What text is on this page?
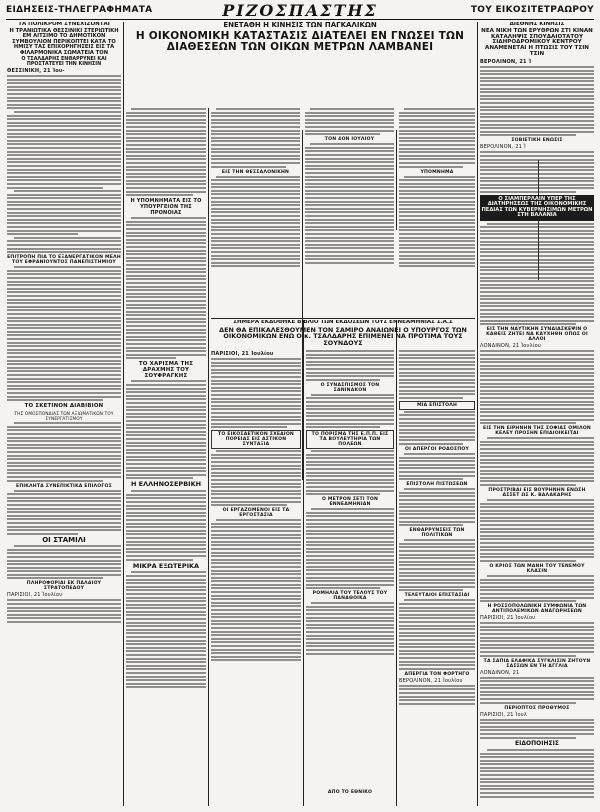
ΕΙΔΗΣΕΙΣ-ΤΗΛΕΓΡΑΦΗΜΑΤΑ	ΡΙΖΟΣΠΑΣΤΗΣ	ΤΟΥ ΕΙΚΟΣΙΤΕΤΡΑΩΡΟΥ
ΤΑ ΠΟΛΙΚΡΟΜ ΣΥΝΕΧΙΖΟΝΤΑΙ
Η ΤΡΑΝΙΩΤΙΚΑ ΘΕΣΣΙΝΙΚΙ ΣΤΕΡΙΩΤΙΚΗ ΕΜ ΑΙΤΣΙΜΟ ΤΟ ΔΗΜΟΤΙΚΟΝ ΣΥΜΒΟΥΛΙΟΝ ΠΕΡΙΚΟΠΤΕΙ ΚΑΤΑ ΤΟ ΗΜΙΣΥ ΤΑΣ ΕΠΙΧΟΡΗΓΗΣΕΙΣ ΕΙΣ ΤΑ ΦΙΛΑΡΜΟΝΙΚΑ ΣΩΜΑΤΕΙΑ ΤΟΝ
Ο ΤΣΑΛΔΑΡΗΣ ΕΝΘΑΡΡΥΝΕΙ ΚΑΙ ΠΡΟΣΤΑΤΕΥΕΙ ΤΗΝ ΚΙΝΗΣΙΝ
ΘΕΣΣΙΝΙΚΗ, 21 Ἰου-
ΕΠΙΤΡΟΠΗ ΠΙΑ ΤΟ ΕΞΑΝΕΡΓΑΤΙΚΟΝ ΜΕΛΗ ΤΟΥ ΕΦΡΑΝΙΟΥΝΤΟΣ ΠΑΝΕΠΙΣΤΗΜΙΟΥ
ΤΟ ΣΚΕΤΙΝΟΝ ΔΙΑΒΙΒΙΟΝ
ΤΗΣ ΟΜΟΣΠΟΝΔΙΑΣ ΤΩΝ ΑΞΙΩΜΑΤΙΚΩΝ ΤΟΥ ΣΥΝΕΡΓΑΤΙΣΜΟΥ
ΕΠΙΚΛΗΤΑ ΣΥΝΕΠΙΚΤΙΚΑ ΕΠΙΛΟΓΟΣ
ΟΙ ΣΤΑΜΙΛΙ
ΠΛΗΡΟΦΟΡΙΑΙ ΕΚ ΠΑΛΑΙΟΥ ΣΤΡΑΤΟΠΕΔΟΥ
ΠΑΡΙΣΙΟΙ, 21 Ἰουλίου
ΕΝΕΤΑΘΗ Η ΚΙΝΗΣΙΣ ΤΩΝ ΠΑΓΚΑΛΙΚΩΝ
Η ΟΙΚΟΝΟΜΙΚΗ ΚΑΤΑΣΤΑΣΙΣ ΔΙΑΤΕΛΕΙ ΕΝ ΓΝΩΣΕΙ ΤΩΝ ΔΙΑΘΕΣΕΩΝ ΤΩΝ ΟΙΚΩΝ ΜΕΤΡΩΝ ΛΑΜΒΑΝΕΙ
Η ΥΠΟΜΝΗΜΑΤΑ ΕΙΣ ΤΟ ΥΠΟΥΡΓΕΙΟΝ ΤΗΣ ΠΡΟΝΟΙΑΣ
ΤΟ ΧΑΡΙΣΜΑ ΤΗΣ ΔΡΑΧΜΗΣ ΤΟΥ ΣΟΥΦΡΑΓΚΗΣ
Η ΕΛΛΗΝΟΣΕΡΒΙΚΗ
ΜΙΚΡΑ ΕΞΩΤΕΡΙΚΑ
ΕΙΣ ΤΗΝ ΘΕΣΣΑΛΟΝΙΚΗΝ
ΤΟΝ 4ΟΝ ΙΟΥΛΙΟΥ
ΥΠΟΜΝΗΜΑ
ΣΗΜΕΡΑ ΕΚΔΟΘΗΚΕ ΒΙΒΛΙΟ ΤΩΝ ΕΚΔΟΣΕΩΝ ΤΟΥΣ ΕΝΝΕΑΜΗΝΙΑΣ Σ.Α.Σ
ΔΕΝ ΘΑ ΕΠΙΚΑΛΕΣΘΟΥΜΕΝ ΤΟΝ ΣΑΜΙΡΟ ΑΝΑΙΩΝΕΙ Ο ΥΠΟΥΡΓΟΣ ΤΩΝ ΟΙΚΟΝΟΜΙΚΩΝ ΕΝΩ Ο κ. ΤΣΑΛΔΑΡΗΣ ΕΠΙΜΕΝΕΙ ΝΑ ΠΡΟΤΙΜΑ ΤΟΥΣ ΣΟΥΝΔΟΥΣ
ΠΑΡΙΣΙΟΙ, 21 Ἰουλίου
ΤΟ ΕΙΚΟΣΑΕΤΙΚΟΝ ΣΧΕΔΙΟΝ ΠΟΡΕΙΑΣ ΕΙΣ ΑΣΤΙΚΟΝ ΣΥΝΤΑΞΙΑ
ΟΙ ΕΡΓΑΖΟΜΕΝΟΙ ΕΙΣ ΤΑ ΕΡΓΟΣΤΑΣΙΑ
Ο ΣΥΝΑΣΠΙΣΜΟΣ ΤΟΝ ΣΑΝΙΝΑΚΟΝ
ΤΟ ΠΟΡΙΣΜΑ ΤΗΣ Ε.Π.Π. ΕΙΣ ΤΑ ΒΟΥΛΕΥΤΗΡΙΑ ΤΩΝ ΠΟΛΕΩΝ
Ο ΜΕΤΡΟΝ ΣΕΤΙ ΤΟΝ ΕΝΝΕΑΜΗΝΙΑΝ
ΡΟΜΗΛΙΑ ΤΟΥ ΤΕΛΟΥΣ ΤΟΥ ΠΑΝΑΘΟΙΚΑ
ΜΙΑ ΕΠΙΣΤΟΛΗ
ΟΙ ΑΠΕΡΓΟΙ ΡΟΔΟΣΠΟΥ
ΕΠΙΣΤΟΛΗ ΠΙΣΤΩΣΕΩΝ
ΕΝΘΑΡΡΥΝΣΕΙΣ ΤΩΝ ΠΟΛΙΤΙΚΩΝ
ΤΕΛΕΥΤΑΙΟΙ ΕΠΙΣΤΑΣΙΑΙ
ΑΠΕΡΓΙΑ ΤΟΝ ΦΟΡΤΗΓΟ
ΒΕΡΟΛΙΝΟΝ, 21 Ἰουλίου
ΔΙΕΘΝΗΣ ΚΙΝΗΣΙΣ
ΝΕΑ ΝΙΚΗ ΤΩΝ ΕΡΥΘΡΩΝ ΣΤΙ ΚΙΝΑΝ ΚΑΤΑΛΗΨΙΣ ΣΠΟΥΔΑΙΟΤΑΤΟΥ ΣΙΔΗΡΟΔΡΟΜΙΚΟΥ ΚΕΝΤΡΟΥ ΑΝΑΜΕΝΕΤΑΙ Η ΠΤΩΣΙΣ ΤΟΥ ΤΣΙΝ ΤΣΙΝ
ΒΕΡΟΛΙΝΟΝ, 21 Ἰ
ΣΟΒΙΕΤΙΚΗ ΕΝΩΣΙΣ
ΒΕΡΟΛΙΝΟΝ, 21 Ἰ
Ο ΣΙΑΜΠΕΡΛΑΙΝ ΥΠΕΡ ΤΗΣ ΔΙΑΤΗΡΗΣΕΩΣ ΤΗΣ ΟΙΚΟΝΟΜΙΚΗΣ ΠΕΔΙΑΣ ΤΩΝ ΚΥΒΕΡΝΗΣΙΜΩΝ ΜΕΤΡΩΝ ΣΤΗ ΒΑΛΑΝΙΑ
ΕΙΣ ΤΗΝ ΝΑΥΤΙΚΗΝ ΣΥΝΔΙΑΣΚΕΨΙΝ Ο ΚΑΘΕΙΣ ΖΗΤΕΙ ΝΑ ΚΑΥΧΗΘΗ ΟΠΩΣ ΟΙ ΑΛΛΟΙ
ΛΟΝΔΙΝΟΝ, 21 Ἰουλίου
ΕΙΣ ΤΗΝ ΕΙΡΗΝΗΝ ΤΗΣ ΣΟΦΙΑΣ ΟΜΙΛΟΝ ΚΕΛΕΥ ΠΡΟΣΗΝ ΕΠΙΔΙΟΙΚΕΙΤΑΙ
ΠΡΟΣΤΡΙΒΑΙ ΕΙΣ ΒΟΥΡΗΝΗΝ ΕΝΩΣΗ ΑΣΣΕΤ ΩΣ Κ. ΒΑΛΑΚΑΡΗΣ
Ο ΚΡΙΟΣ ΤΩΝ ΜΑΝΗ ΤΟΥ ΤΕΝΕΜΟΥ ΚΛΑΣΙΝ
Η ΡΟΣΣΟΠΟΛΩΝΙΚΗ ΣΥΜΦΩΝΙΑ ΤΩΝ ΑΝΤΙΠΟΛΕΜΙΚΩΝ ΑΝΑΓΩΡΗΣΕΩΝ
ΠΑΡΙΣΙΟΙ, 21 Ἰουλίου
ΤΑ ΣΑΠΙΑ ΕΛΑΦΙΚΑ ΣΥΓΚΛΙΣΙΝ ΖΗΤΟΥΝ ΣΑΣΣΩΝ ΕΝ ΤΗ ΑΓΓΛΙΑ
ΛΟΝΔΙΝΟΝ, 21
ΠΕΡΙΟΠΤΟΣ ΠΡΟΘΥΜΟΣ
ΠΑΡΙΣΙΟΙ, 21 Ἰουλ
ΕΙΔΟΠΟΙΗΣΙΣ
ΑΠΟ ΤΟ ΕΘΝΙΚΟ
